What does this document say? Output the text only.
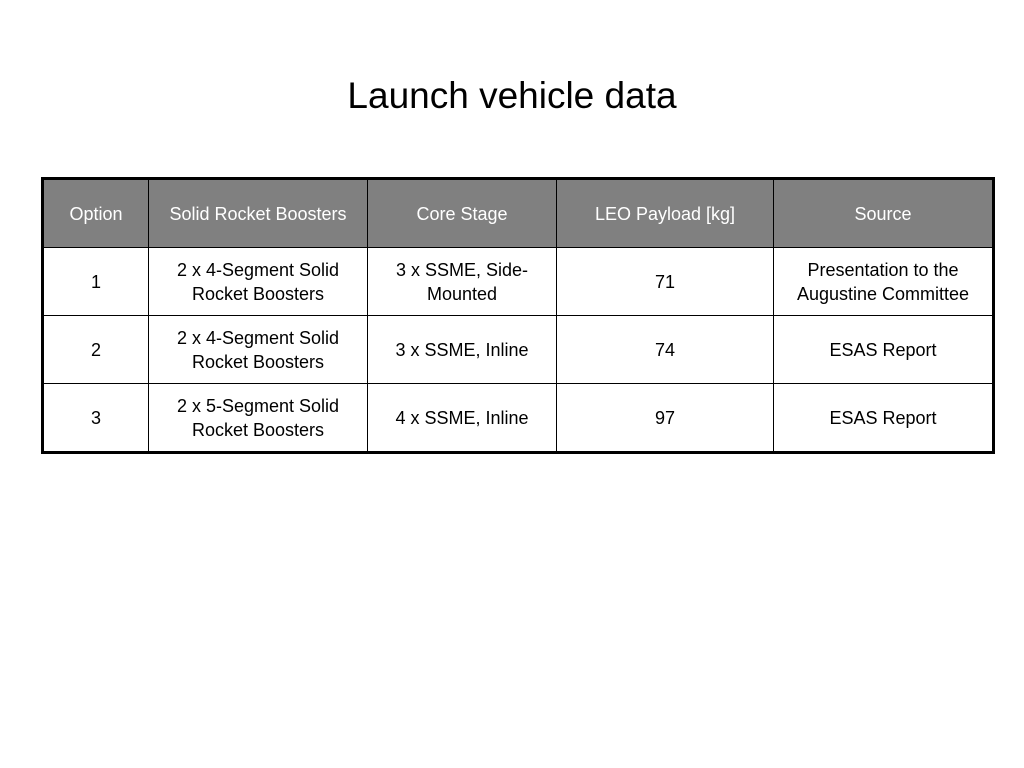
Launch vehicle data
Option	Solid Rocket Boosters	Core Stage	LEO Payload [kg]	Source
1	2 x 4-Segment Solid Rocket Boosters	3 x SSME, Side-Mounted	71	Presentation to the Augustine Committee
2	2 x 4-Segment Solid Rocket Boosters	3 x SSME, Inline	74	ESAS Report
3	2 x 5-Segment Solid Rocket Boosters	4 x SSME, Inline	97	ESAS Report
